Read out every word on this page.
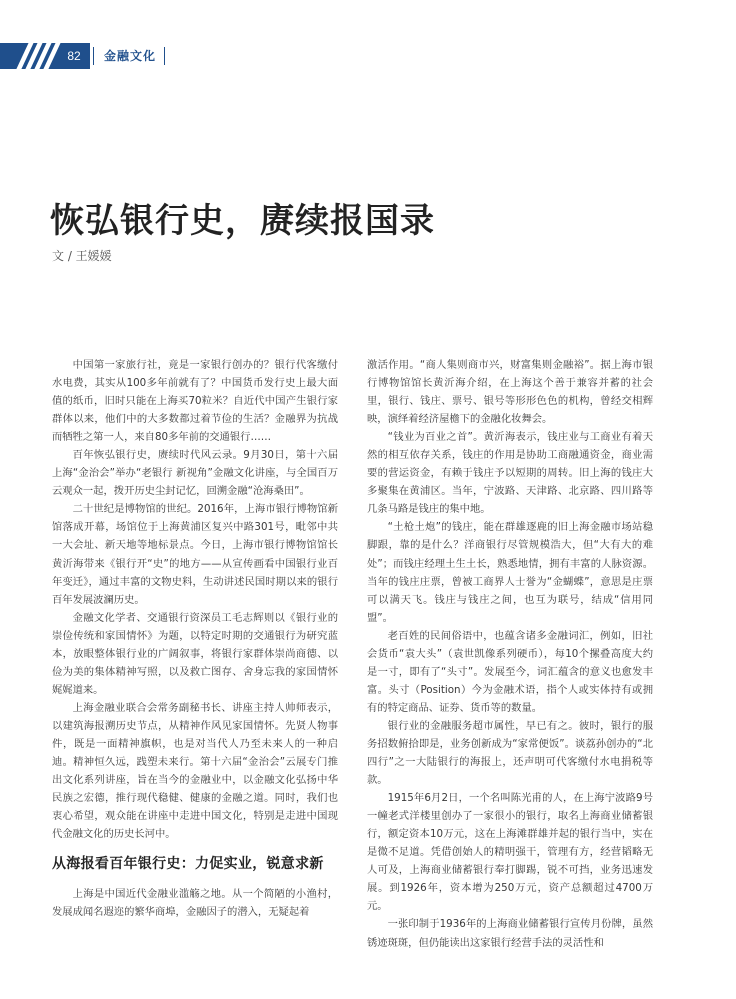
82	金融文化
恢弘银行史，赓续报国录
文 / 王媛媛

中国第一家旅行社，竟是一家银行创办的？银行代客缴付水电费，其实从100多年前就有了？中国货币发行史上最大面值的纸币，旧时只能在上海买70粒米？自近代中国产生银行家群体以来，他们中的大多数都过着节俭的生活？金融界为抗战而牺牲之第一人，来自80多年前的交通银行……

百年恢弘银行史，赓续时代风云录。9月30日，第十六届上海“金治会”举办“老银行 新视角”金融文化讲座，与全国百万云观众一起，拨开历史尘封记忆，回溯金融“沧海桑田”。

二十世纪是博物馆的世纪。2016年，上海市银行博物馆新馆落成开幕，场馆位于上海黄浦区复兴中路301号，毗邻中共一大会址、新天地等地标景点。今日，上海市银行博物馆馆长黄沂海带来《银行开“史”的地方——从宣传画看中国银行业百年变迁》，通过丰富的文物史料，生动讲述民国时期以来的银行百年发展波澜历史。

金融文化学者、交通银行资深员工毛志辉则以《银行业的崇俭传统和家国情怀》为题，以特定时期的交通银行为研究蓝本，放眼整体银行业的广阔叙事，将银行家群体崇尚商德、以俭为美的集体精神写照，以及救亡图存、舍身忘我的家国情怀娓娓道来。

上海金融业联合会常务副秘书长、讲座主持人帅师表示，以建筑海报溯历史节点，从精神作风见家国情怀。先贤人物事件，既是一面精神旗帜，也是对当代人乃至未来人的一种启迪。精神恒久远，践塑未来行。第十六届“金治会”云展专门推出文化系列讲座，旨在当今的金融业中，以金融文化弘扬中华民族之宏德，推行现代稳健、健康的金融之道。同时，我们也衷心希望，观众能在讲座中走进中国文化，特别是走进中国现代金融文化的历史长河中。

从海报看百年银行史：力促实业，锐意求新

上海是中国近代金融业滥觞之地。从一个简陋的小渔村，发展成闻名遐迩的繁华商埠，金融因子的潜入，无疑起着

激活作用。“商人集则商市兴，财富集则金融裕”。据上海市银行博物馆馆长黄沂海介绍，在上海这个善于兼容并蓄的社会里，银行、钱庄、票号、银号等形形色色的机构，曾经交相辉映，演绎着经济屋檐下的金融化妆舞会。

“钱业为百业之首”。黄沂海表示，钱庄业与工商业有着天然的相互依存关系，钱庄的作用是协助工商融通资金，商业需要的营运资金，有赖于钱庄予以短期的周转。旧上海的钱庄大多聚集在黄浦区。当年，宁波路、天津路、北京路、四川路等几条马路是钱庄的集中地。

“土枪土炮”的钱庄，能在群雄逐鹿的旧上海金融市场站稳脚跟，靠的是什么？洋商银行尽管规模浩大，但“大有大的难处”；而钱庄经理土生土长，熟悉地情，拥有丰富的人脉资源。当年的钱庄庄票，曾被工商界人士誉为“金蝴蝶”，意思是庄票可以满天飞。钱庄与钱庄之间，也互为联号，结成“信用同盟”。

老百姓的民间俗语中，也蕴含诸多金融词汇，例如，旧社会货币“袁大头”（袁世凯像系列硬币），每10个摞叠高度大约是一寸，即有了“头寸”。发展至今，词汇蕴含的意义也愈发丰富。头寸（Position）今为金融术语，指个人或实体持有或拥有的特定商品、证券、货币等的数量。

银行业的金融服务超市属性，早已有之。彼时，银行的服务招数俯拾即是，业务创新成为“家常便饭”。谈荔孙创办的“北四行”之一大陆银行的海报上，还声明可代客缴付水电捐税等款。

1915年6月2日，一个名叫陈光甫的人，在上海宁波路9号一幢老式洋楼里创办了一家很小的银行，取名上海商业储蓄银行，额定资本10万元，这在上海滩群雄并起的银行当中，实在是微不足道。凭借创始人的精明强干，管理有方，经营韬略无人可及，上海商业储蓄银行奉打脚踢，锐不可挡，业务迅速发展。到1926年，资本增为250万元，资产总额超过4700万元。

一张印制于1936年的上海商业储蓄银行宣传月份牌，虽然锈迹斑斑，但仍能读出这家银行经营手法的灵活性和
